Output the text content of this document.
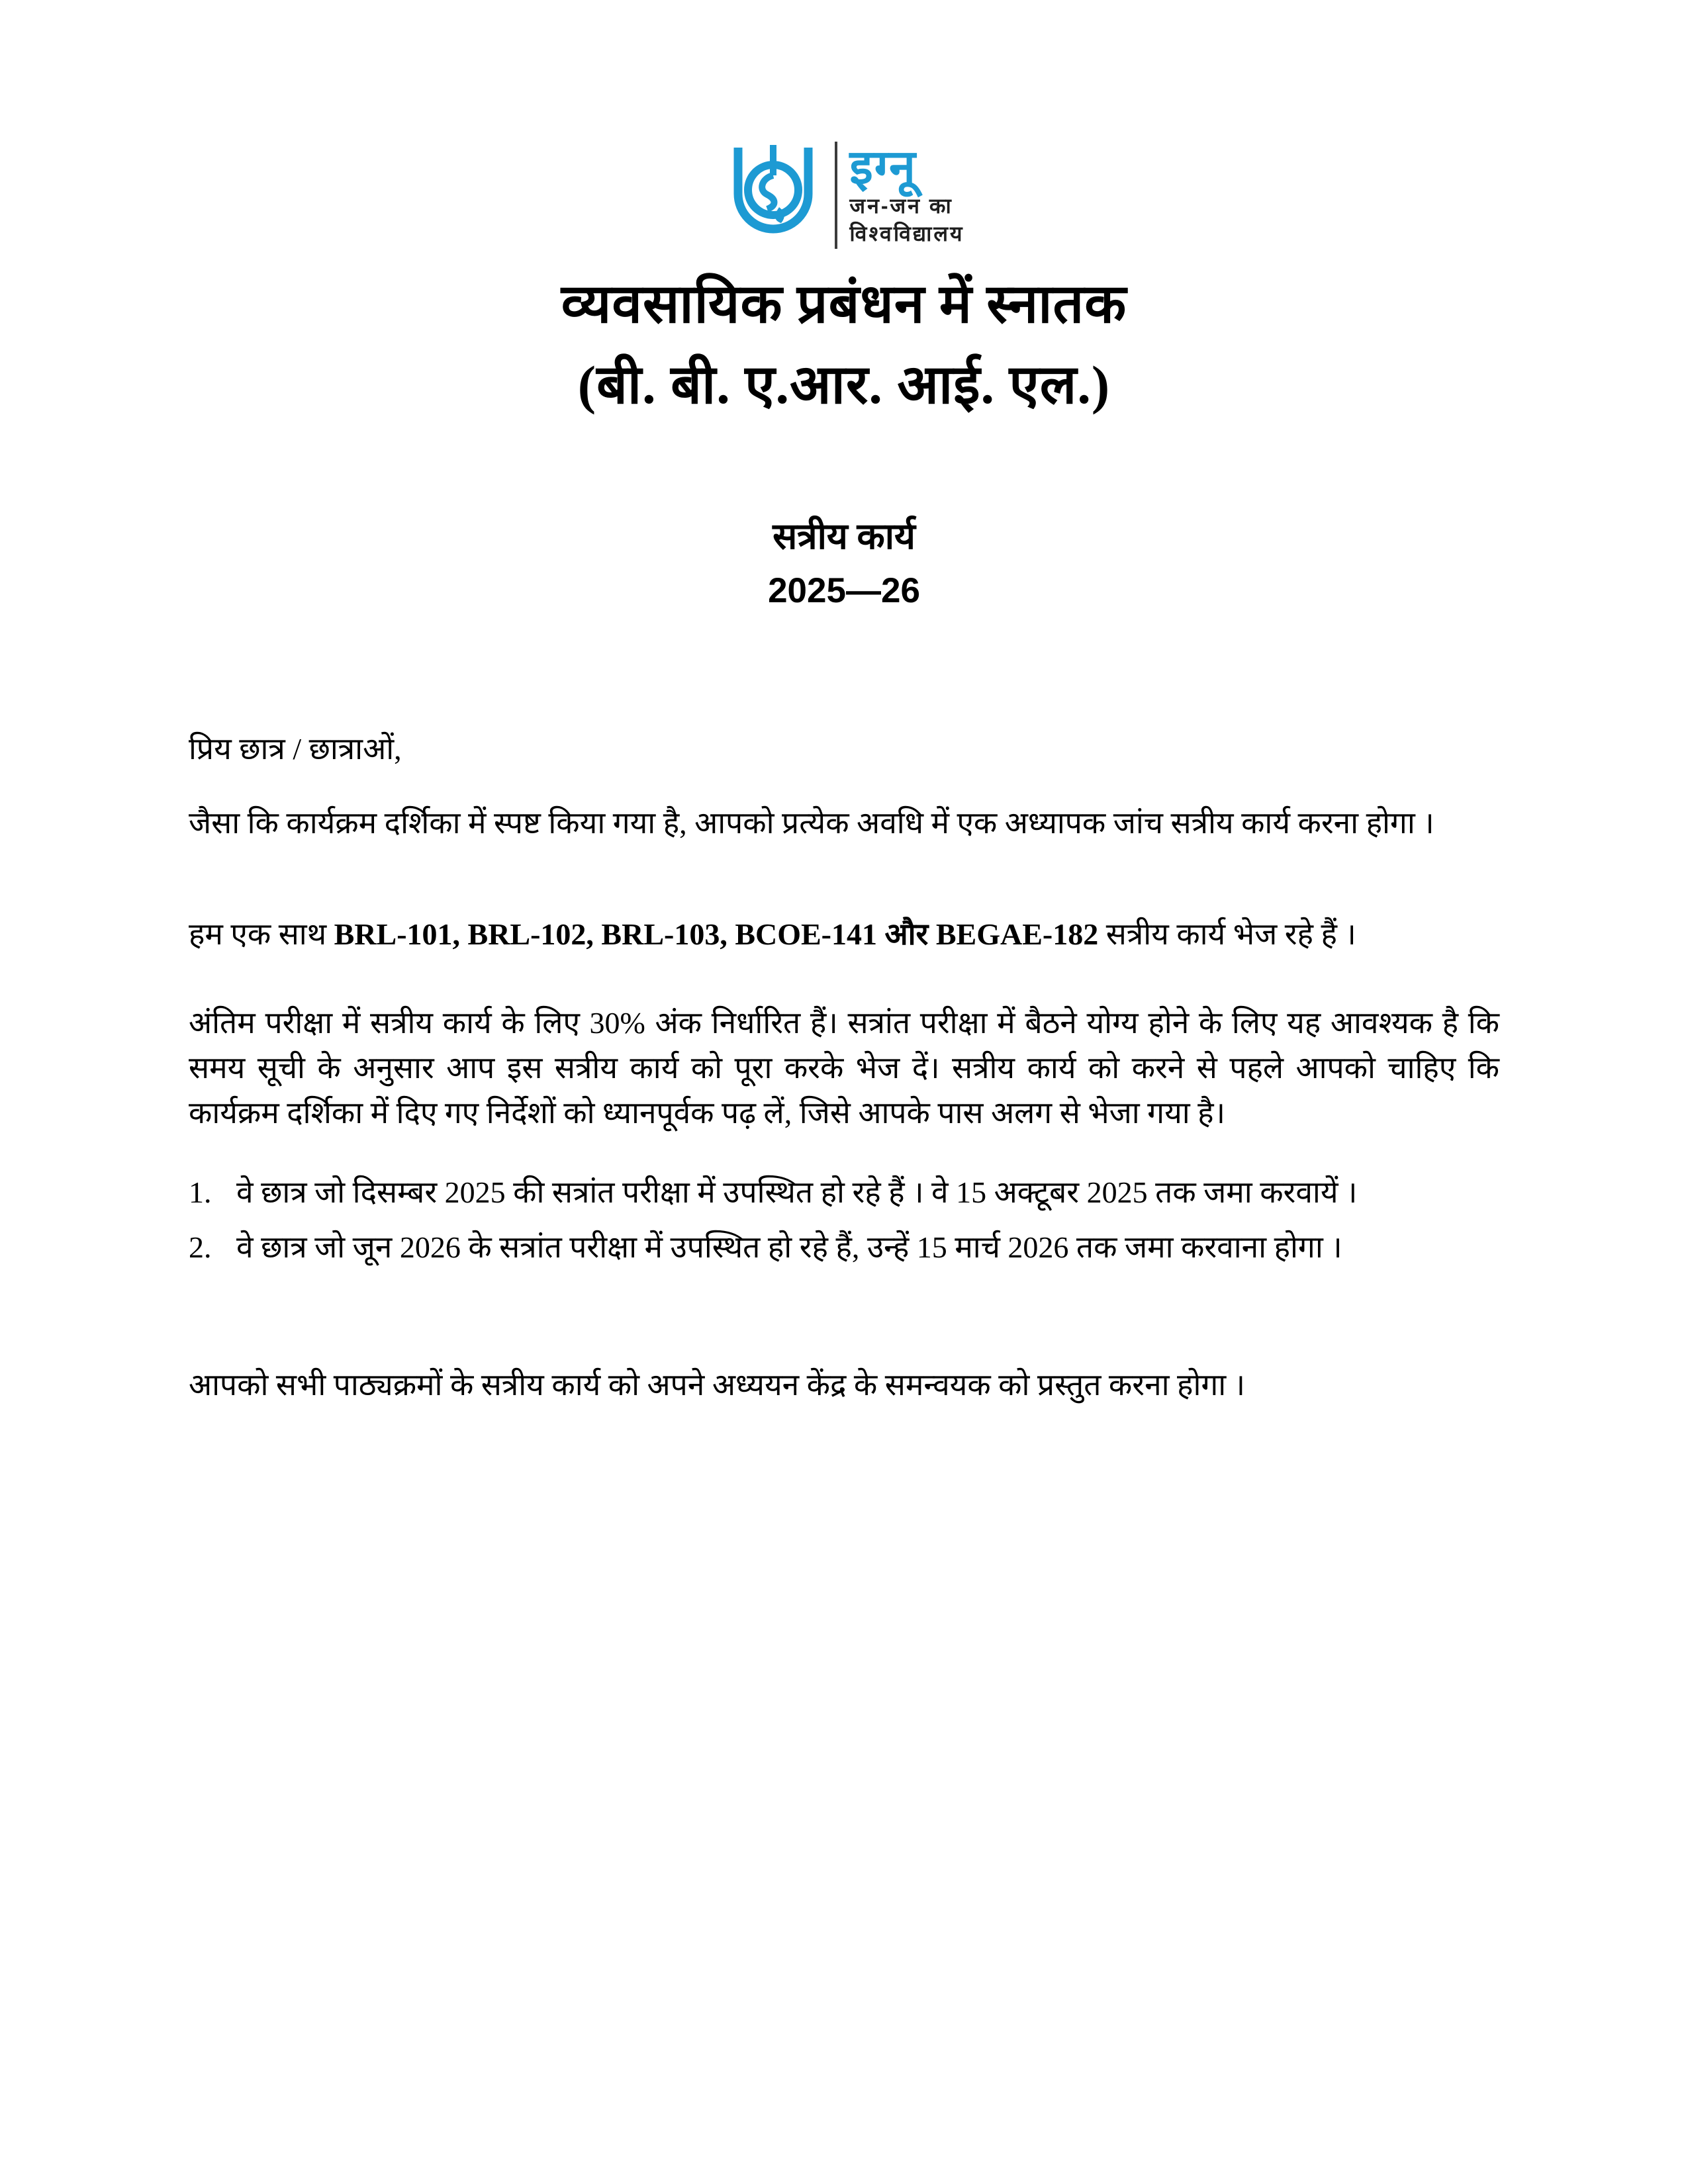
इग्नू
जन-जन का
विश्वविद्यालय
व्यवसायिक प्रबंधन में स्नातक
(बी. बी. ए.आर. आई. एल.)
सत्रीय कार्य
2025—26

प्रिय छात्र / छात्राओं,

जैसा कि कार्यक्रम दर्शिका में स्पष्ट किया गया है, आपको प्रत्येक अवधि में एक अध्यापक जांच सत्रीय कार्य करना होगा ।

हम एक साथ BRL-101, BRL-102, BRL-103, BCOE-141 और BEGAE-182 सत्रीय कार्य भेज रहे हैं ।

अंतिम परीक्षा में सत्रीय कार्य के लिए 30% अंक निर्धारित हैं। सत्रांत परीक्षा में बैठने योग्य होने के लिए यह आवश्यक है कि समय सूची के अनुसार आप इस सत्रीय कार्य को पूरा करके भेज दें। सत्रीय कार्य को करने से पहले आपको चाहिए कि कार्यक्रम दर्शिका में दिए गए निर्देशों को ध्यानपूर्वक पढ़ लें, जिसे आपके पास अलग से भेजा गया है।

1. वे छात्र जो दिसम्बर 2025 की सत्रांत परीक्षा में उपस्थित हो रहे हैं । वे 15 अक्टूबर 2025 तक जमा करवायें ।
2. वे छात्र जो जून 2026 के सत्रांत परीक्षा में उपस्थित हो रहे हैं, उन्हें 15 मार्च 2026 तक जमा करवाना होगा ।

आपको सभी पाठ्यक्रमों के सत्रीय कार्य को अपने अध्ययन केंद्र के समन्वयक को प्रस्तुत करना होगा ।
